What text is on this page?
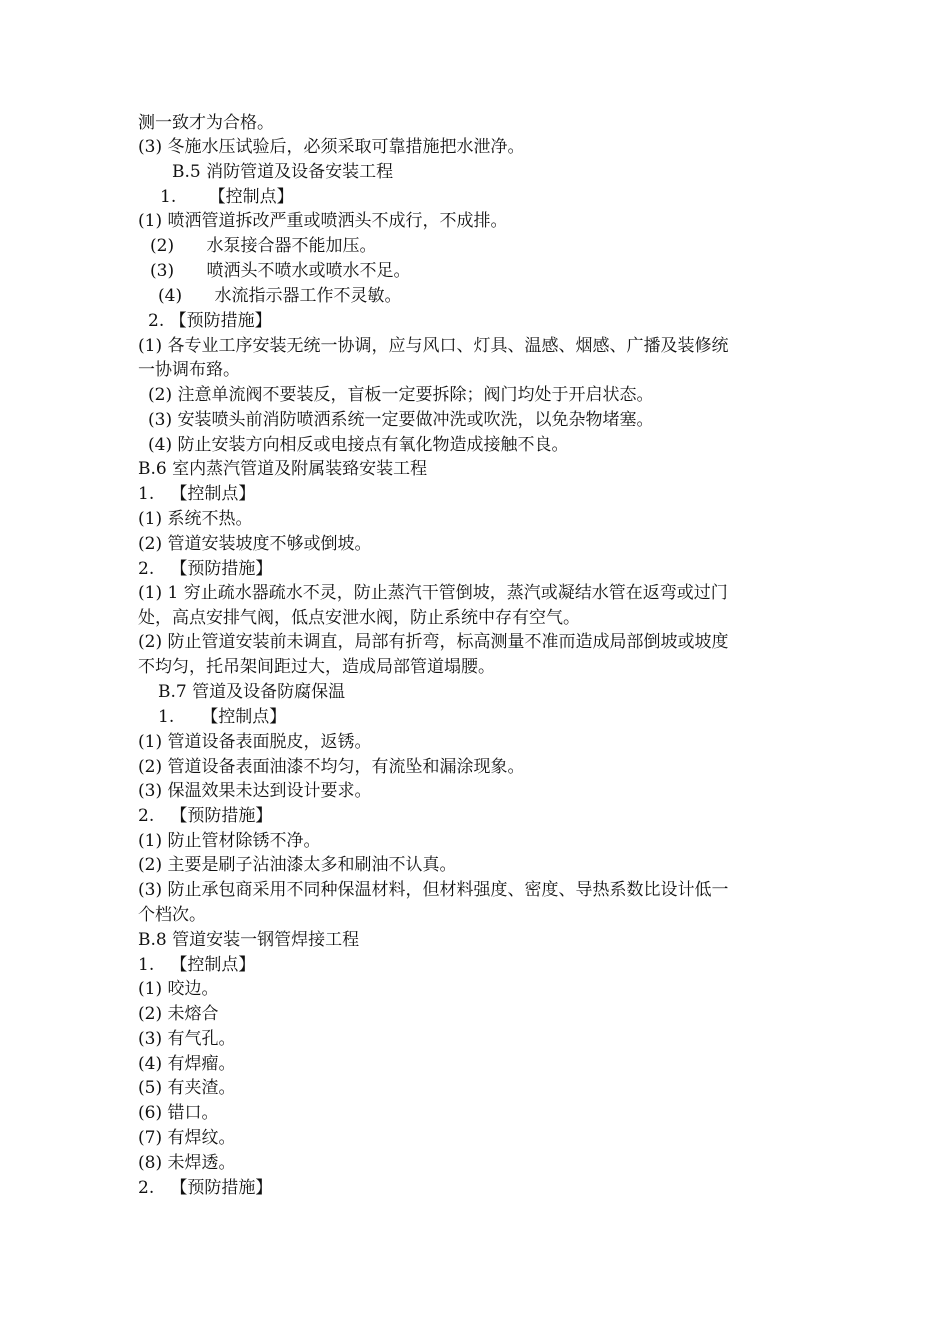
测一致才为合格。
(3) 冬施水压试验后，必须采取可靠措施把水泄净。
B.5 消防管道及设备安装工程
1.      【控制点】
(1) 喷洒管道拆改严重或喷洒头不成行，不成排。
(2)      水泵接合器不能加压。
(3)      喷洒头不喷水或喷水不足。
(4)      水流指示器工作不灵敏。
2. 【预防措施】
(1) 各专业工序安装无统一协调，应与风口、灯具、温感、烟感、广播及装修统
一协调布臵。
(2) 注意单流阀不要装反，盲板一定要拆除；阀门均处于开启状态。
(3) 安装喷头前消防喷洒系统一定要做冲洗或吹洗，以免杂物堵塞。
(4) 防止安装方向相反或电接点有氧化物造成接触不良。
B.6 室内蒸汽管道及附属装臵安装工程
1.   【控制点】
(1) 系统不热。
(2) 管道安装坡度不够或倒坡。
2.   【预防措施】
(1) 1 穷止疏水器疏水不灵，防止蒸汽干管倒坡，蒸汽或凝结水管在返弯或过门
处，高点安排气阀，低点安泄水阀，防止系统中存有空气。
(2) 防止管道安装前未调直，局部有折弯，标高测量不准而造成局部倒坡或坡度
不均匀，托吊架间距过大，造成局部管道塌腰。
B.7 管道及设备防腐保温
1.     【控制点】
(1) 管道设备表面脱皮，返锈。
(2) 管道设备表面油漆不均匀，有流坠和漏涂现象。
(3) 保温效果未达到设计要求。
2.   【预防措施】
(1) 防止管材除锈不净。
(2) 主要是刷子沾油漆太多和刷油不认真。
(3) 防止承包商采用不同种保温材料，但材料强度、密度、导热系数比设计低一
个档次。
B.8 管道安装一钢管焊接工程
1.   【控制点】
(1) 咬边。
(2) 未熔合
(3) 有气孔。
(4) 有焊瘤。
(5) 有夹渣。
(6) 错口。
(7) 有焊纹。
(8) 未焊透。
2.   【预防措施】
